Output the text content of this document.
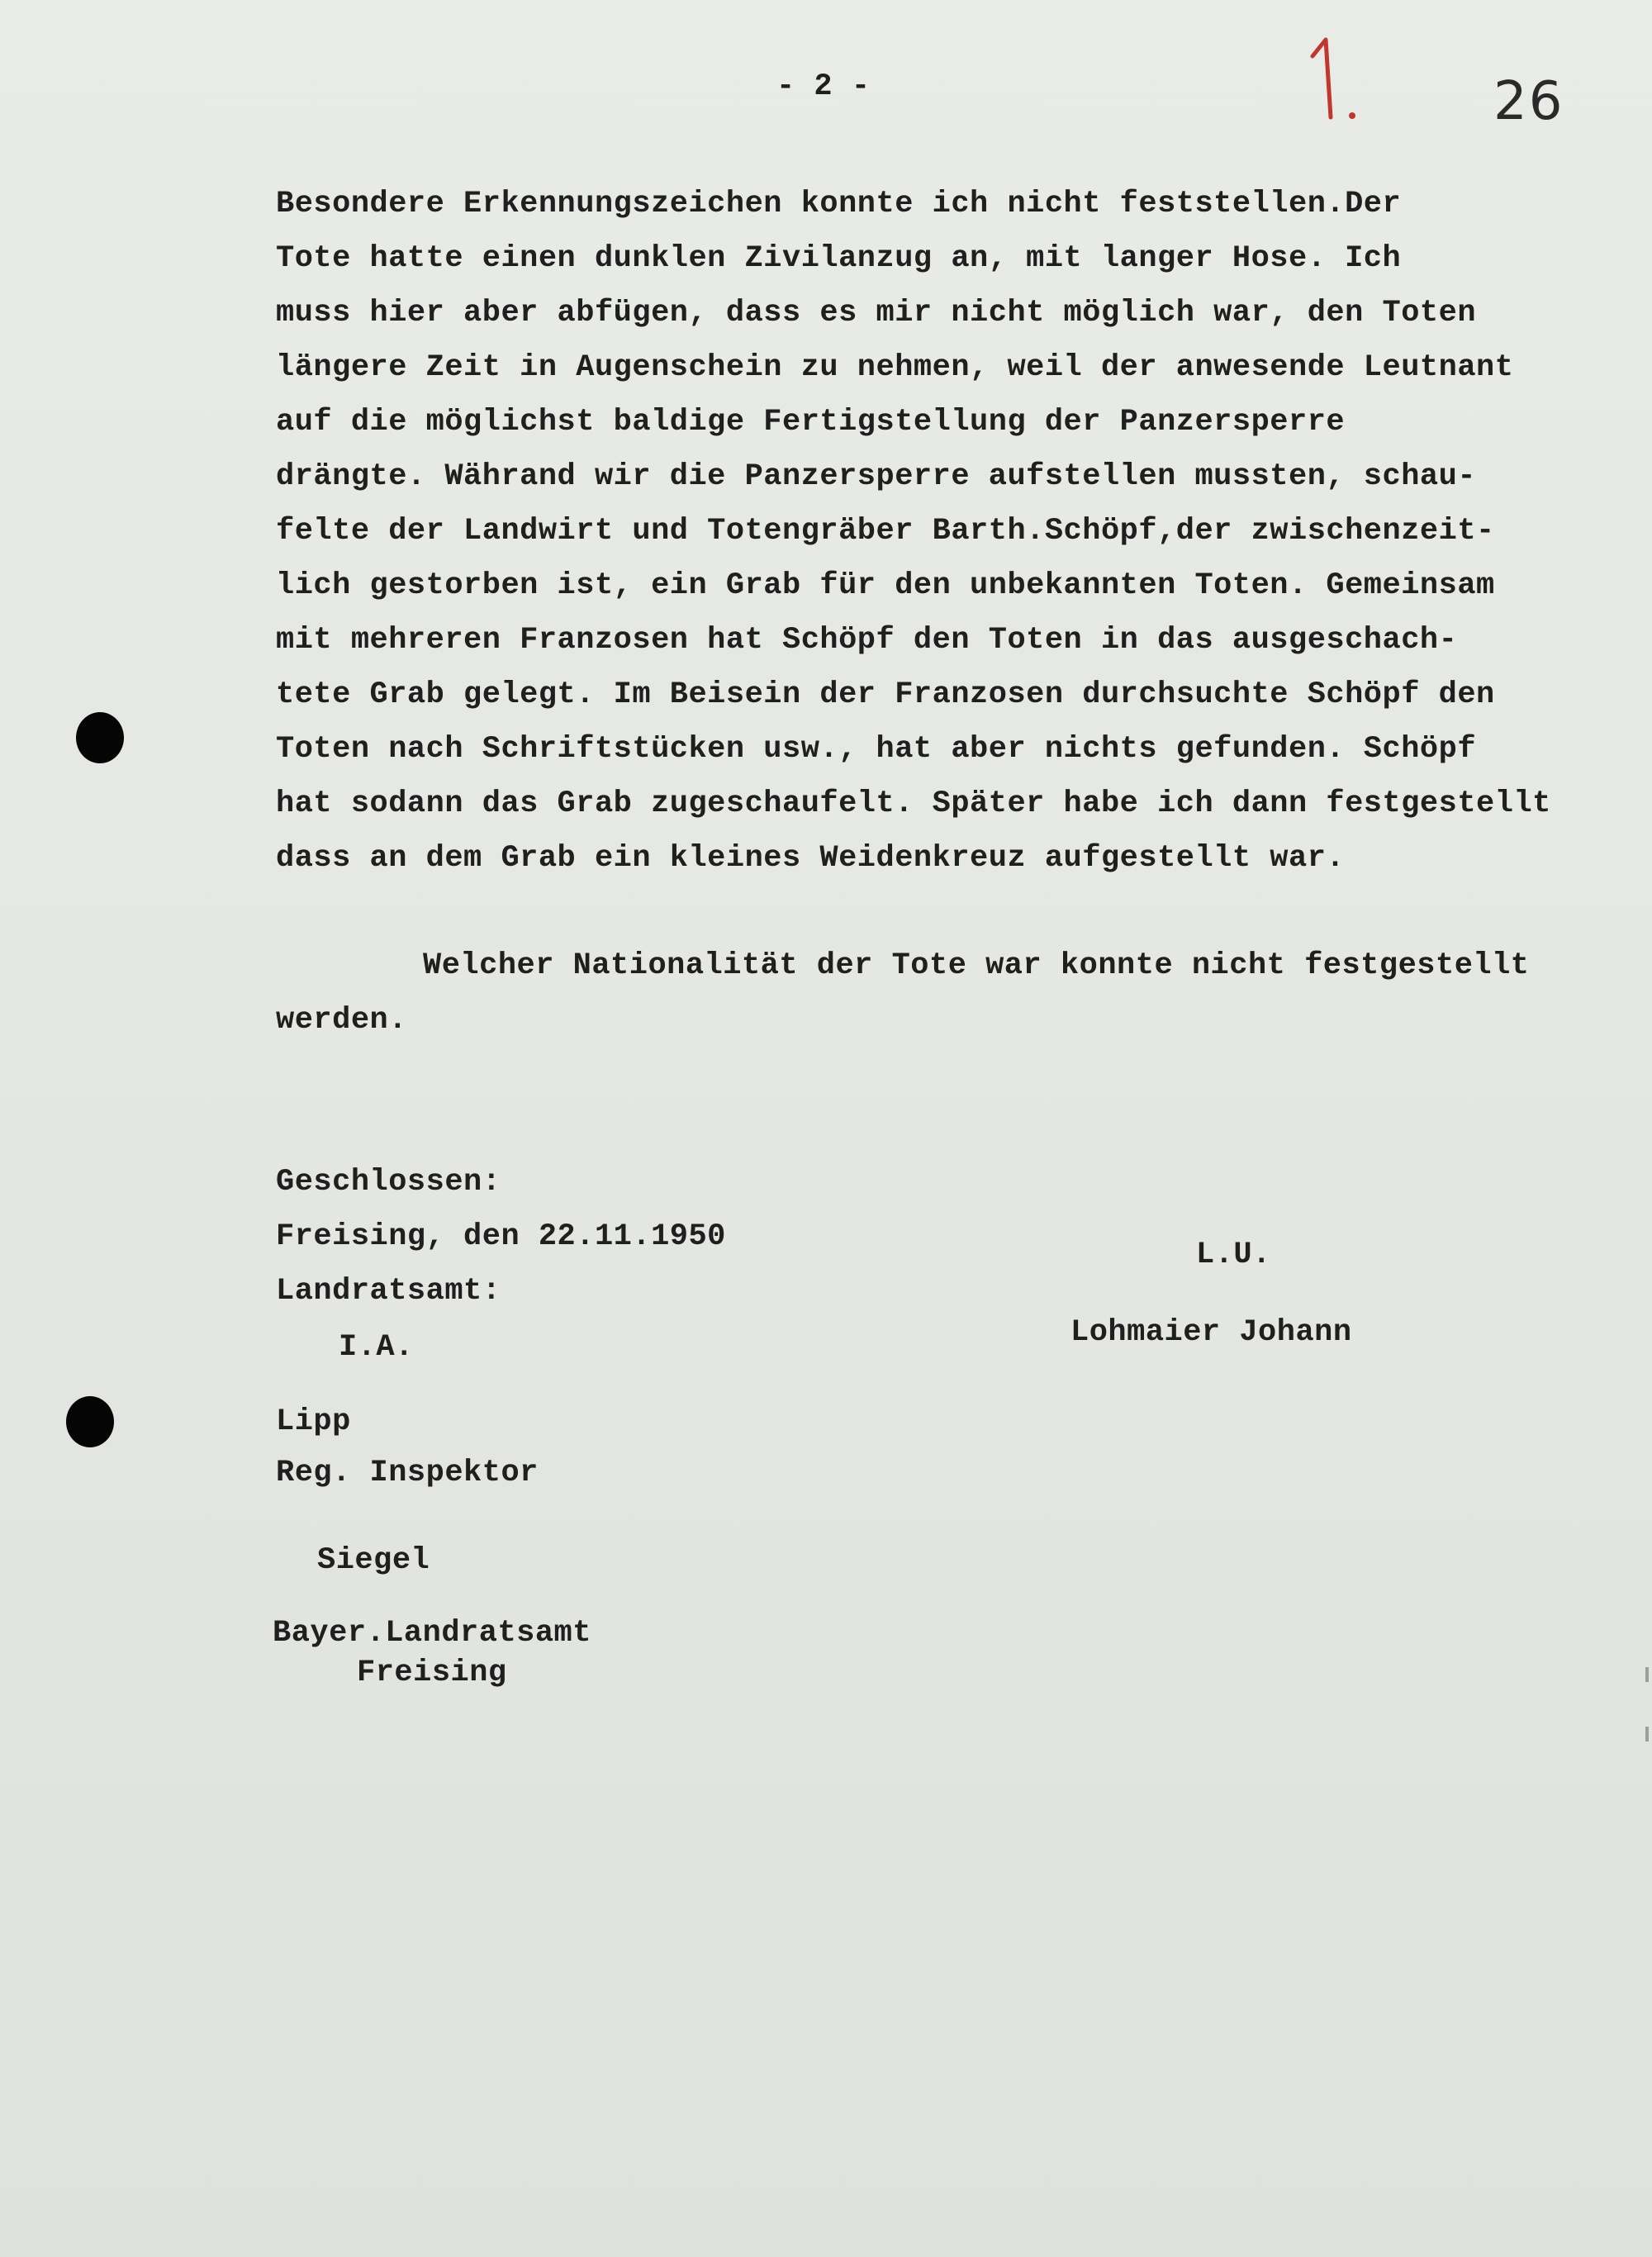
- 2 -
1.
26
Besondere Erkennungszeichen konnte ich nicht feststellen.Der
Tote hatte einen dunklen Zivilanzug an, mit langer Hose. Ich
muss hier aber abfügen, dass es mir nicht möglich war, den Toten
längere Zeit in Augenschein zu nehmen, weil der anwesende Leutnant
auf die möglichst baldige Fertigstellung der Panzersperre
drängte. Währand wir die Panzersperre aufstellen mussten, schau-
felte der Landwirt und Totengräber Barth.Schöpf,der zwischenzeit-
lich gestorben ist, ein Grab für den unbekannten Toten. Gemeinsam
mit mehreren Franzosen hat Schöpf den Toten in das ausgeschach-
tete Grab gelegt. Im Beisein der Franzosen durchsuchte Schöpf den
Toten nach Schriftstücken usw., hat aber nichts gefunden. Schöpf
hat sodann das Grab zugeschaufelt. Später habe ich dann festgestellt
dass an dem Grab ein kleines Weidenkreuz aufgestellt war.
Welcher Nationalität der Tote war konnte nicht festgestellt
werden.
Geschlossen:
Freising, den 22.11.1950
Landratsamt:
I.A.
Lipp
Reg. Inspektor
Siegel
Bayer.Landratsamt
Freising
L.U.
Lohmaier Johann
